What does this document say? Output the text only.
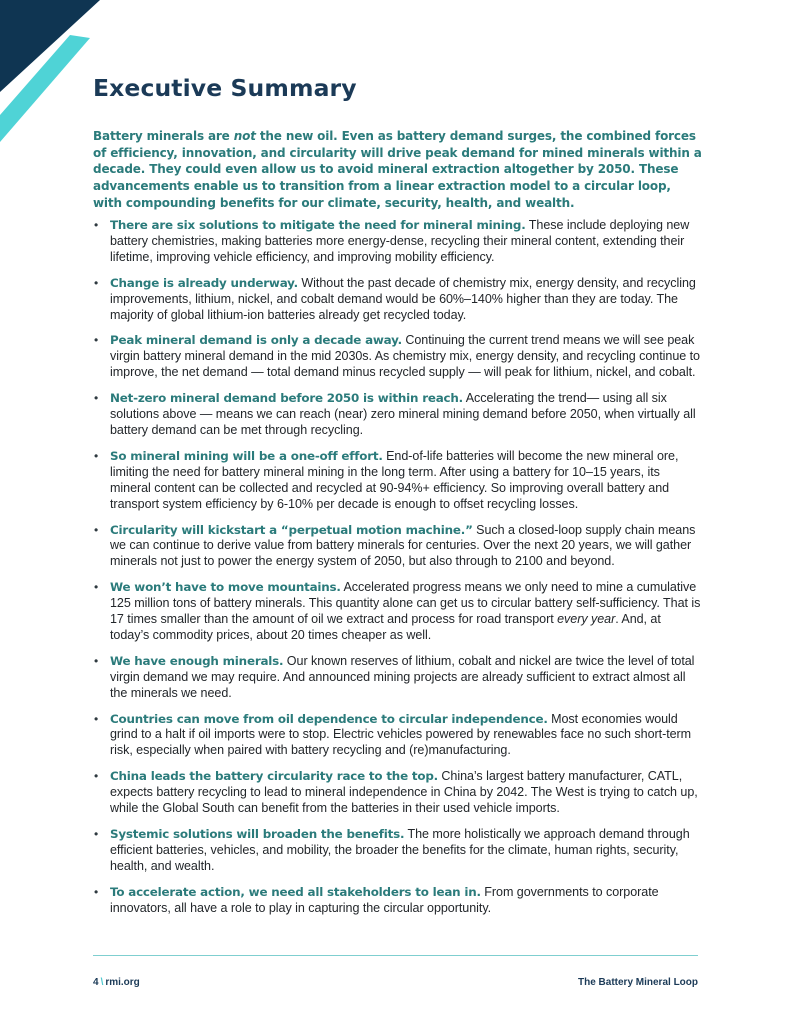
Executive Summary

Battery minerals are not the new oil. Even as battery demand surges, the combined forces of efficiency, innovation, and circularity will drive peak demand for mined minerals within a decade. They could even allow us to avoid mineral extraction altogether by 2050. These advancements enable us to transition from a linear extraction model to a circular loop, with compounding benefits for our climate, security, health, and wealth.

• There are six solutions to mitigate the need for mineral mining. These include deploying new battery chemistries, making batteries more energy-dense, recycling their mineral content, extending their lifetime, improving vehicle efficiency, and improving mobility efficiency.
• Change is already underway. Without the past decade of chemistry mix, energy density, and recycling improvements, lithium, nickel, and cobalt demand would be 60%–140% higher than they are today. The majority of global lithium-ion batteries already get recycled today.
• Peak mineral demand is only a decade away. Continuing the current trend means we will see peak virgin battery mineral demand in the mid 2030s. As chemistry mix, energy density, and recycling continue to improve, the net demand — total demand minus recycled supply — will peak for lithium, nickel, and cobalt.
• Net-zero mineral demand before 2050 is within reach. Accelerating the trend— using all six solutions above — means we can reach (near) zero mineral mining demand before 2050, when virtually all battery demand can be met through recycling.
• So mineral mining will be a one-off effort. End-of-life batteries will become the new mineral ore, limiting the need for battery mineral mining in the long term. After using a battery for 10–15 years, its mineral content can be collected and recycled at 90-94%+ efficiency. So improving overall battery and transport system efficiency by 6-10% per decade is enough to offset recycling losses.
• Circularity will kickstart a “perpetual motion machine.” Such a closed-loop supply chain means we can continue to derive value from battery minerals for centuries. Over the next 20 years, we will gather minerals not just to power the energy system of 2050, but also through to 2100 and beyond.
• We won’t have to move mountains. Accelerated progress means we only need to mine a cumulative 125 million tons of battery minerals. This quantity alone can get us to circular battery self-sufficiency. That is 17 times smaller than the amount of oil we extract and process for road transport every year. And, at today’s commodity prices, about 20 times cheaper as well.
• We have enough minerals. Our known reserves of lithium, cobalt and nickel are twice the level of total virgin demand we may require. And announced mining projects are already sufficient to extract almost all the minerals we need.
• Countries can move from oil dependence to circular independence. Most economies would grind to a halt if oil imports were to stop. Electric vehicles powered by renewables face no such short-term risk, especially when paired with battery recycling and (re)manufacturing.
• China leads the battery circularity race to the top. China’s largest battery manufacturer, CATL, expects battery recycling to lead to mineral independence in China by 2042. The West is trying to catch up, while the Global South can benefit from the batteries in their used vehicle imports.
• Systemic solutions will broaden the benefits. The more holistically we approach demand through efficient batteries, vehicles, and mobility, the broader the benefits for the climate, human rights, security, health, and wealth.
• To accelerate action, we need all stakeholders to lean in. From governments to corporate innovators, all have a role to play in capturing the circular opportunity.
4 \ rmi.org	The Battery Mineral Loop
